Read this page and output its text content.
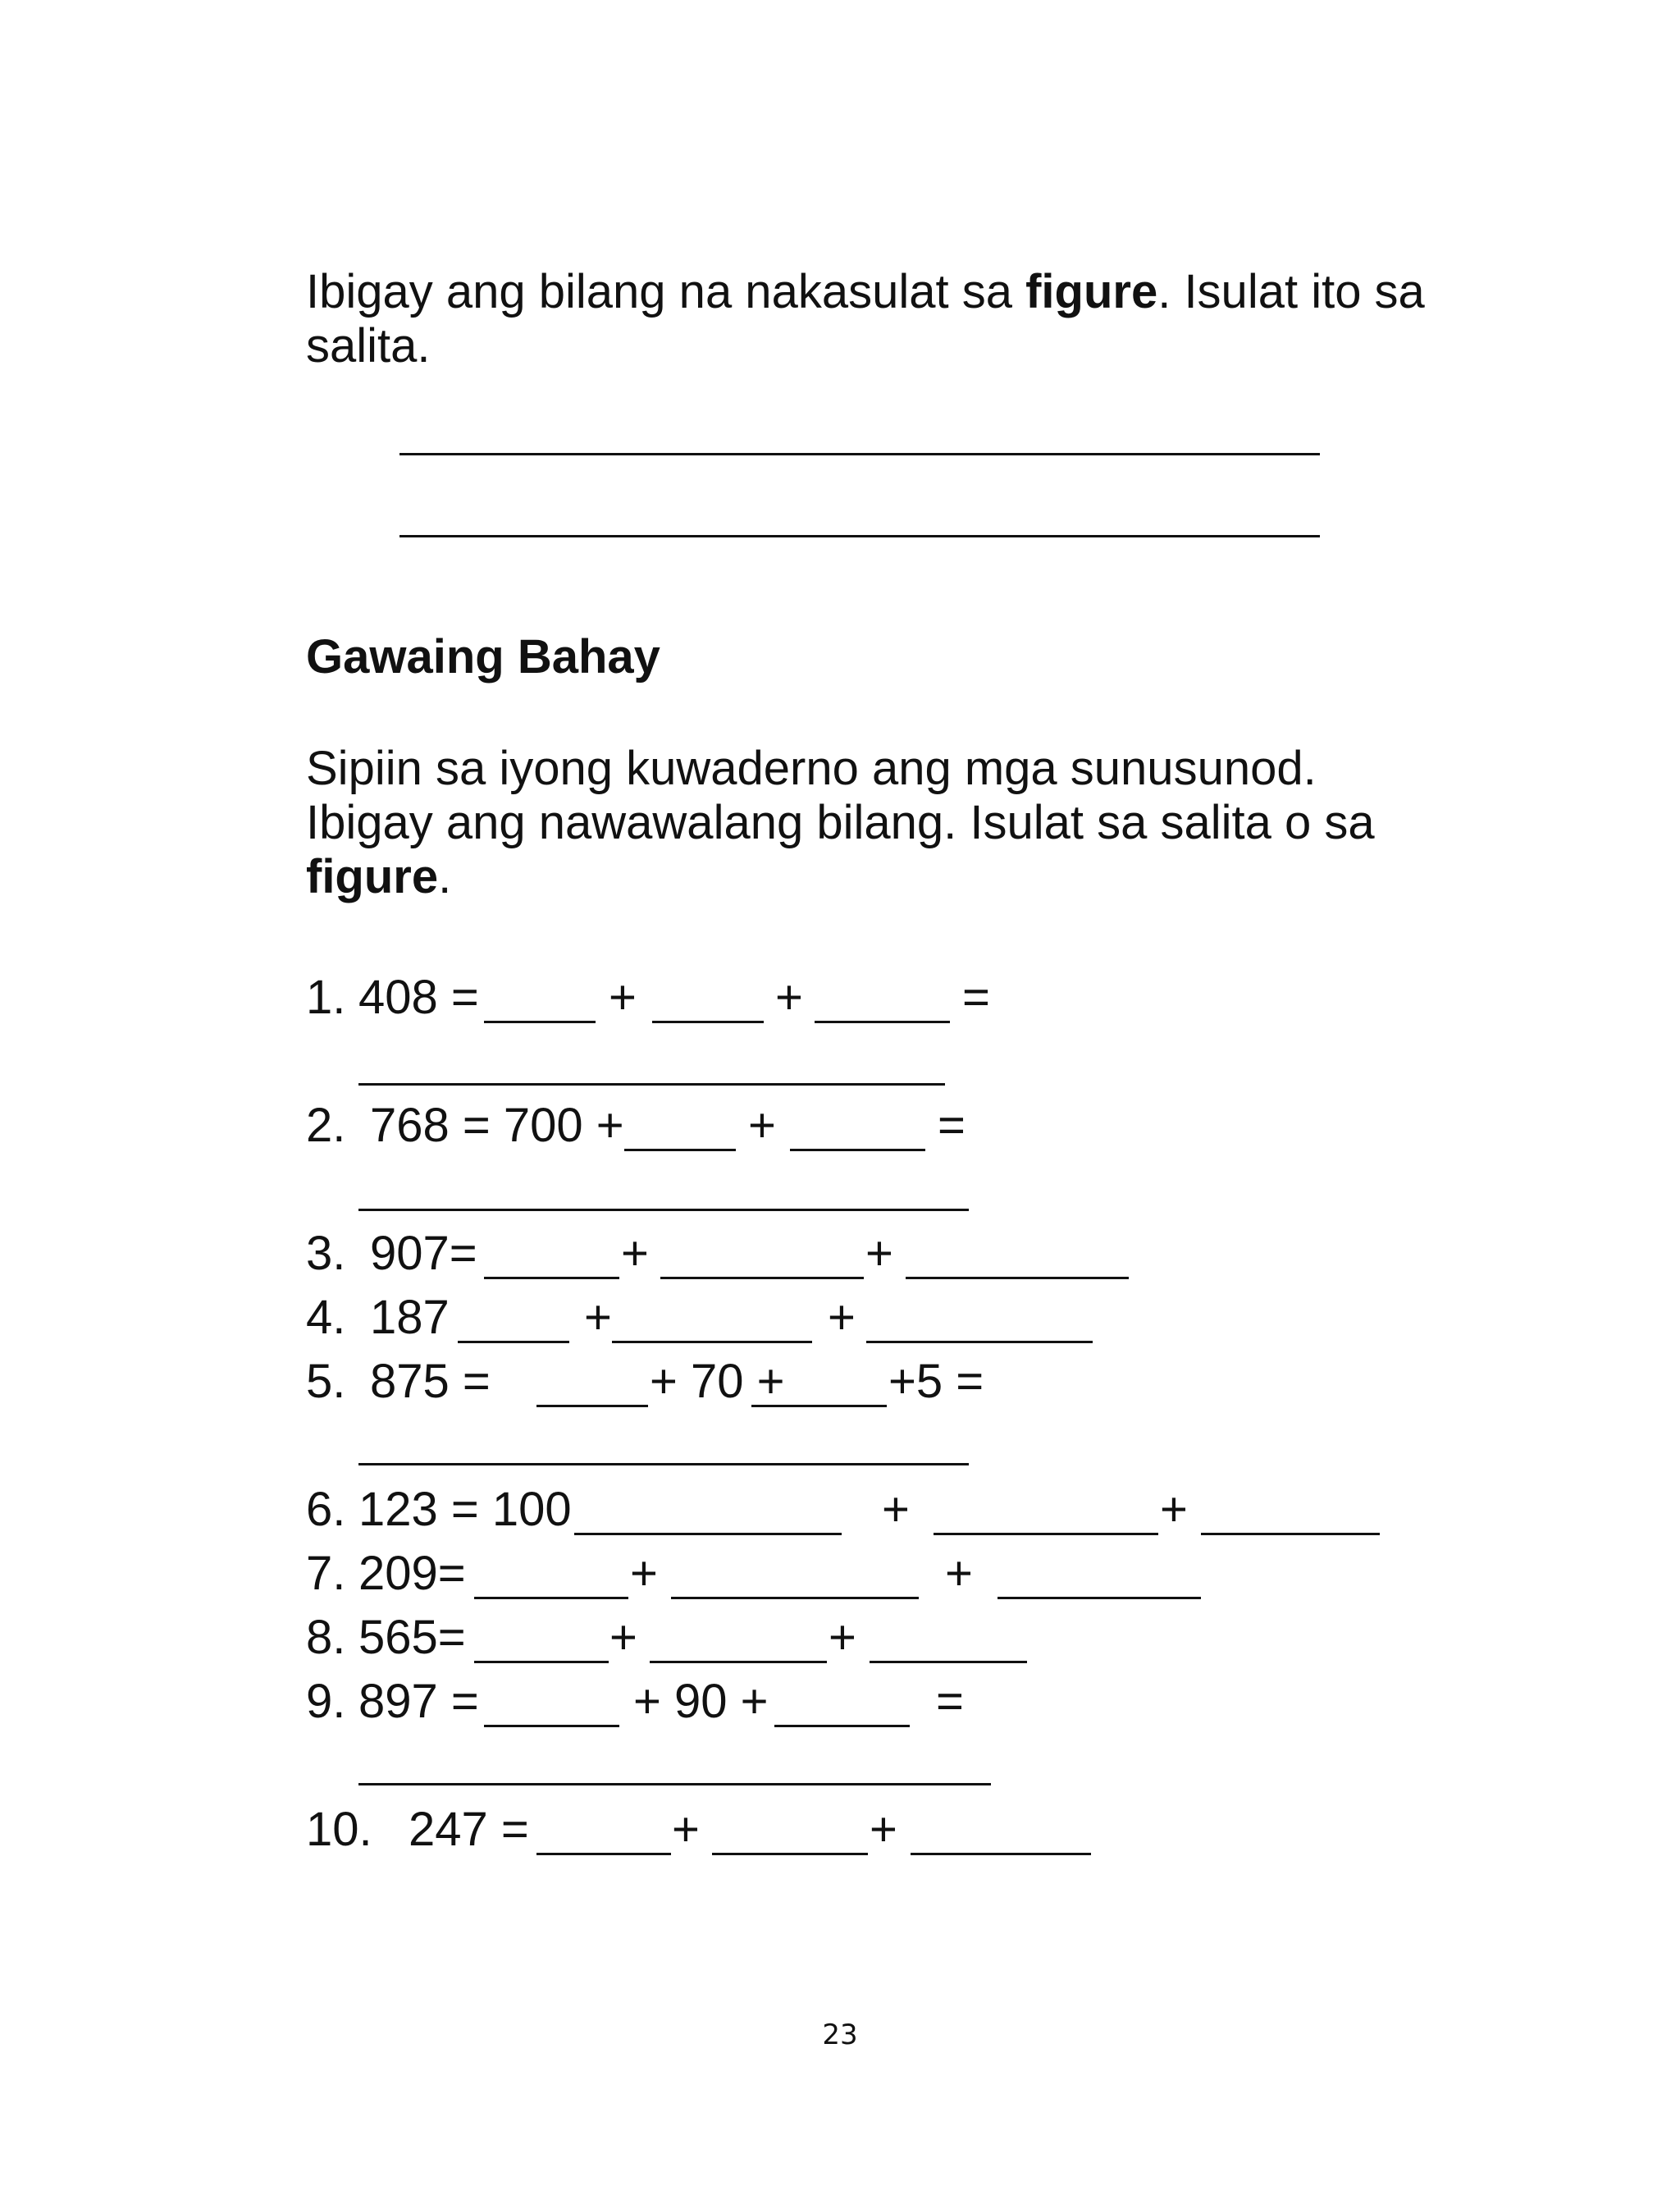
Ibigay ang bilang na nakasulat sa figure. Isulat ito sa
salita.
Gawaing Bahay
Sipiin sa iyong kuwaderno ang mga sunusunod.
Ibigay ang nawawalang bilang. Isulat sa salita o sa
figure.
1. 408 =	+	+	=
2. 768 = 700 +	+	=
3. 907=	+	+
4. 187	+	+
5. 875 =	+ 70 + +5 =
6. 123 = 100	+	+
7. 209=	+	+
8. 565=	+	+
9. 897 =	+ 90 +	=
10. 247 =	+	+
23
